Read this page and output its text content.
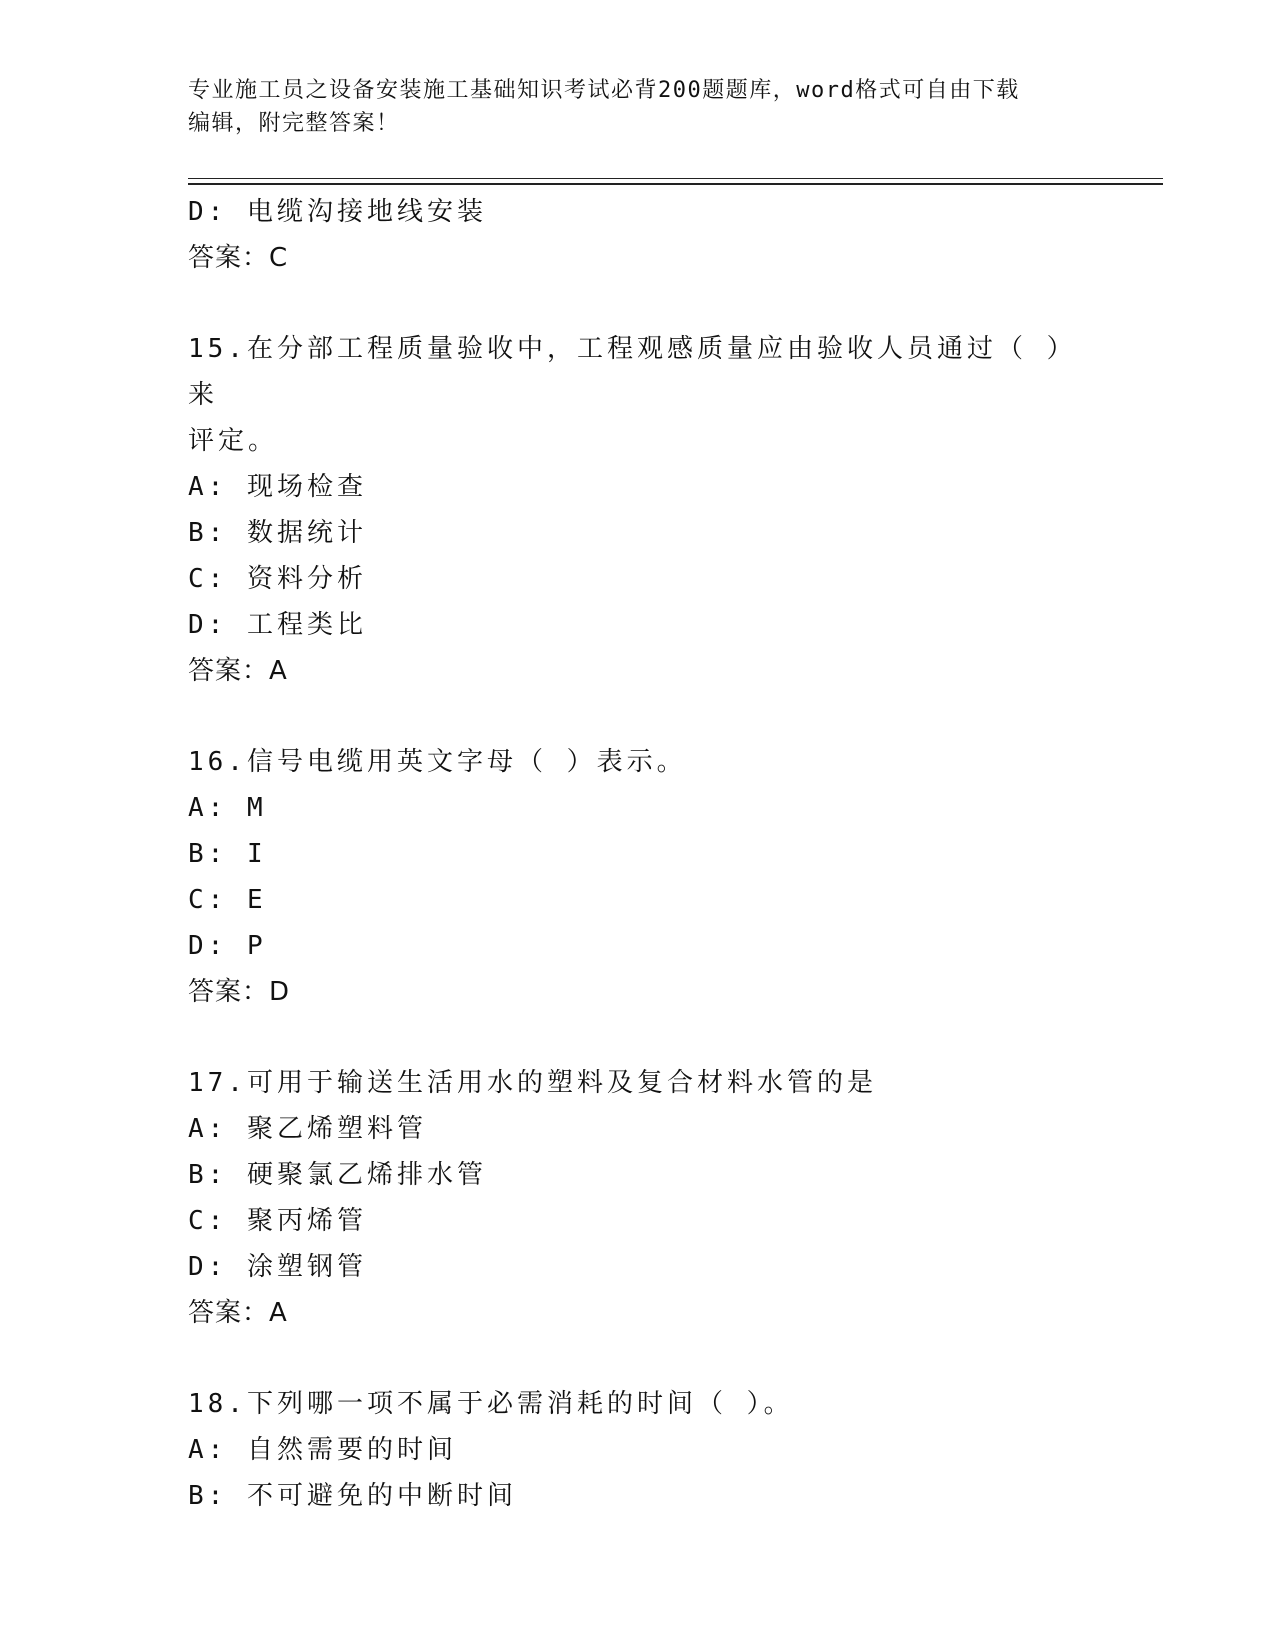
专业施工员之设备安装施工基础知识考试必背200题题库，word格式可自由下载
编辑，附完整答案！
D: 电缆沟接地线安装
答案：C
15.在分部工程质量验收中，工程观感质量应由验收人员通过（ ）来
评定。
A: 现场检查
B: 数据统计
C: 资料分析
D: 工程类比
答案：A
16.信号电缆用英文字母（ ）表示。
A: M
B: I
C: E
D: P
答案：D
17.可用于输送生活用水的塑料及复合材料水管的是
A: 聚乙烯塑料管
B: 硬聚氯乙烯排水管
C: 聚丙烯管
D: 涂塑钢管
答案：A
18.下列哪一项不属于必需消耗的时间（ ）。
A: 自然需要的时间
B: 不可避免的中断时间
